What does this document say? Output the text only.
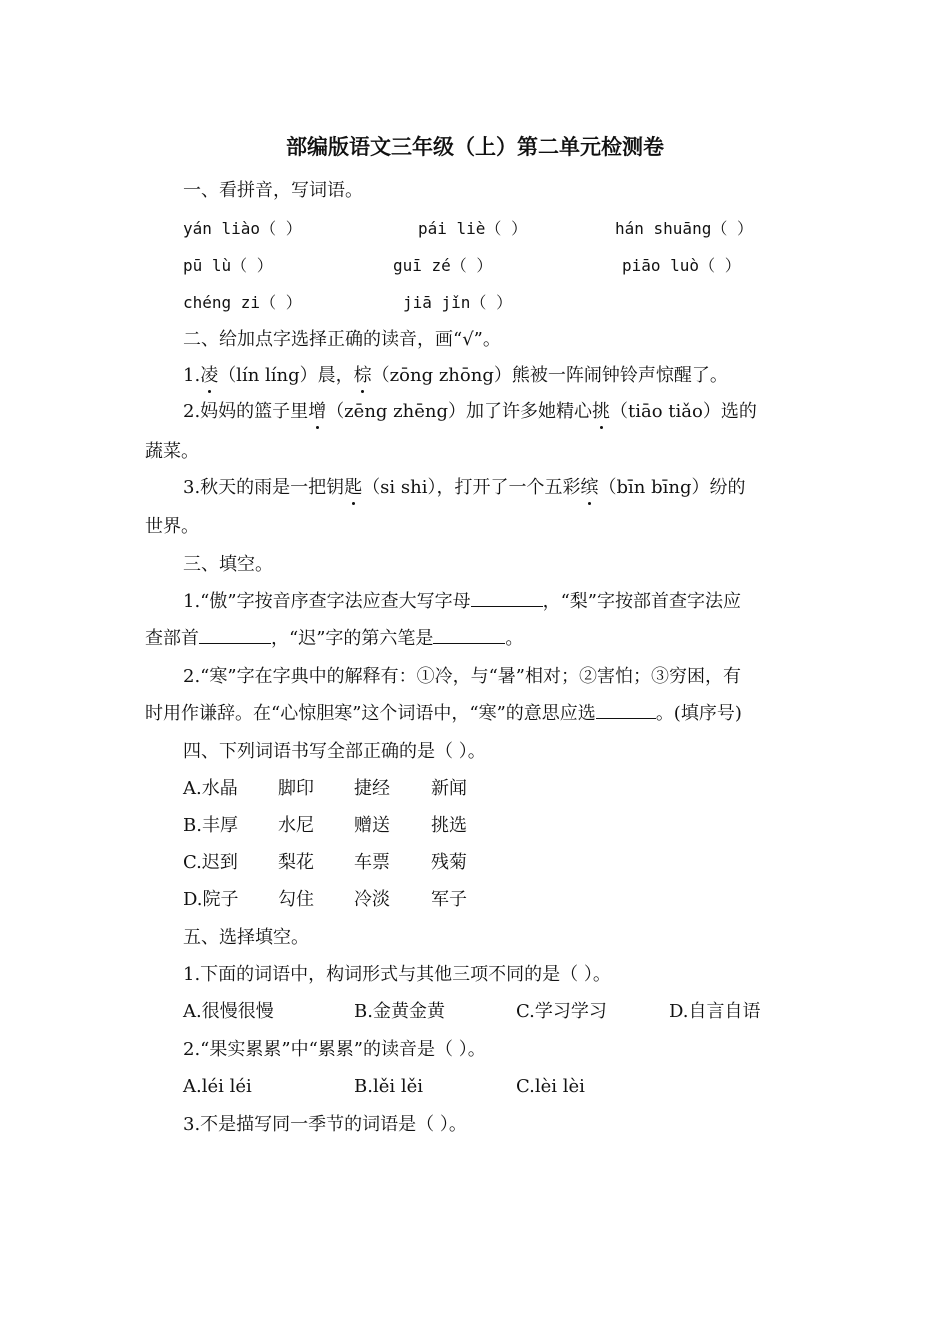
部编版语文三年级（上）第二单元检测卷
一、看拼音，写词语。
yán liào（ ）	pái liè（ ）	hán shuāng（ ）
pū lù（ ）	guī zé（ ）	piāo luò（ ）
chéng zi（ ）	jiā jǐn（ ）
二、给加点字选择正确的读音，画“√”。
1.凌（lín líng）晨，棕（zōng zhōng）熊被一阵闹钟铃声惊醒了。
2.妈妈的篮子里增（zēng zhēng）加了许多她精心挑（tiāo tiǎo）选的
蔬菜。
3.秋天的雨是一把钥匙（si shi），打开了一个五彩缤（bīn bīng）纷的
世界。
三、填空。
1.“傲”字按音序查字法应查大写字母	，“梨”字按部首查字法应
查部首	，“迟”字的第六笔是	。
2.“寒”字在字典中的解释有：①冷，与“暑”相对；②害怕；③穷困，有
时用作谦辞。在“心惊胆寒”这个词语中，“寒”的意思应选	。(填序号)
四、下列词语书写全部正确的是（ ）。
A.水晶 脚印 捷经 新闻
B.丰厚 水尼 赠送 挑选
C.迟到 梨花 车票 残菊
D.院子 勾住 冷淡 军子
五、选择填空。
1.下面的词语中，构词形式与其他三项不同的是（ ）。
A.很慢很慢	B.金黄金黄	C.学习学习	D.自言自语
2.“果实累累”中“累累”的读音是（ ）。
A.léi léi	B.lěi lěi	C.lèi lèi
3.不是描写同一季节的词语是（ ）。
